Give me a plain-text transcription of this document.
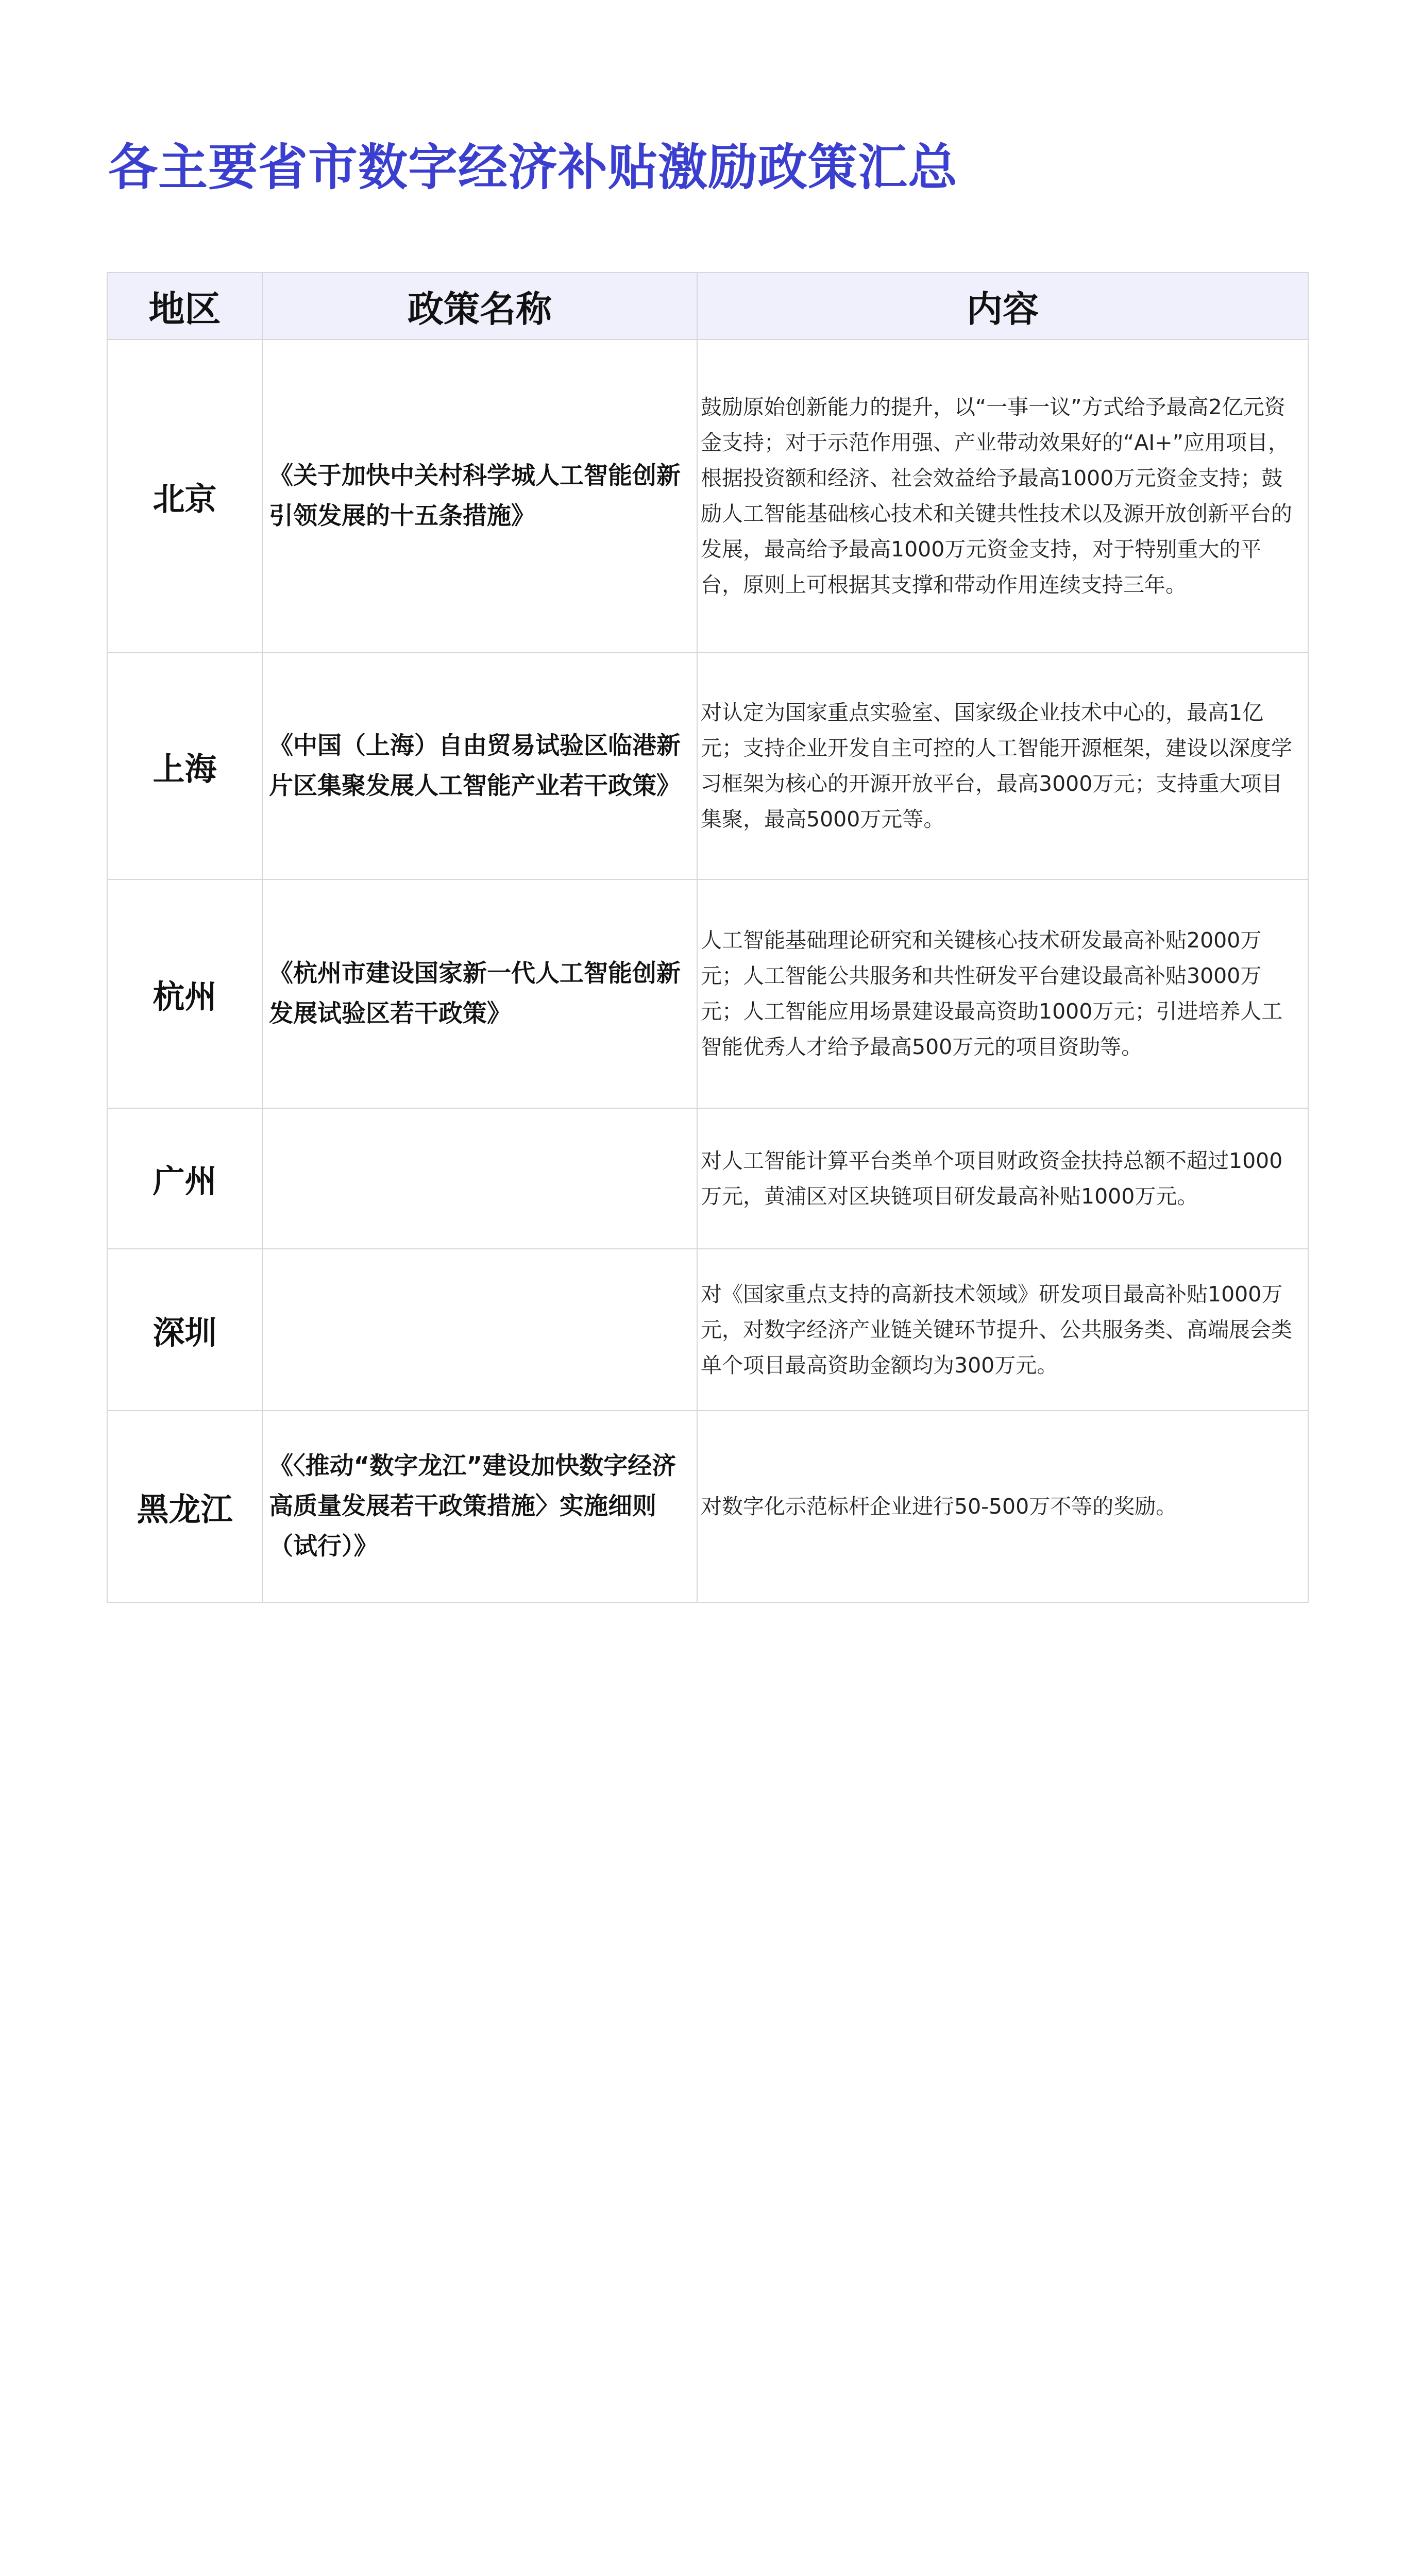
各主要省市数字经济补贴激励政策汇总
地区	政策名称	内容
北京	《关于加快中关村科学城人工智能创新引领发展的十五条措施》	鼓励原始创新能力的提升，以“一事一议”方式给予最高2亿元资金支持；对于示范作用强、产业带动效果好的“AI+”应用项目，根据投资额和经济、社会效益给予最高1000万元资金支持；鼓励人工智能基础核心技术和关键共性技术以及源开放创新平台的发展，最高给予最高1000万元资金支持，对于特别重大的平台，原则上可根据其支撑和带动作用连续支持三年。
上海	《中国（上海）自由贸易试验区临港新片区集聚发展人工智能产业若干政策》	对认定为国家重点实验室、国家级企业技术中心的，最高1亿元；支持企业开发自主可控的人工智能开源框架，建设以深度学习框架为核心的开源开放平台，最高3000万元；支持重大项目集聚，最高5000万元等。
杭州	《杭州市建设国家新一代人工智能创新发展试验区若干政策》	人工智能基础理论研究和关键核心技术研发最高补贴2000万元；人工智能公共服务和共性研发平台建设最高补贴3000万元；人工智能应用场景建设最高资助1000万元；引进培养人工智能优秀人才给予最高500万元的项目资助等。
广州		对人工智能计算平台类单个项目财政资金扶持总额不超过1000万元，黄浦区对区块链项目研发最高补贴1000万元。
深圳		对《国家重点支持的高新技术领域》研发项目最高补贴1000万元，对数字经济产业链关键环节提升、公共服务类、高端展会类单个项目最高资助金额均为300万元。
黑龙江	《〈推动“数字龙江”建设加快数字经济高质量发展若干政策措施〉实施细则（试行）》	对数字化示范标杆企业进行50-500万不等的奖励。
